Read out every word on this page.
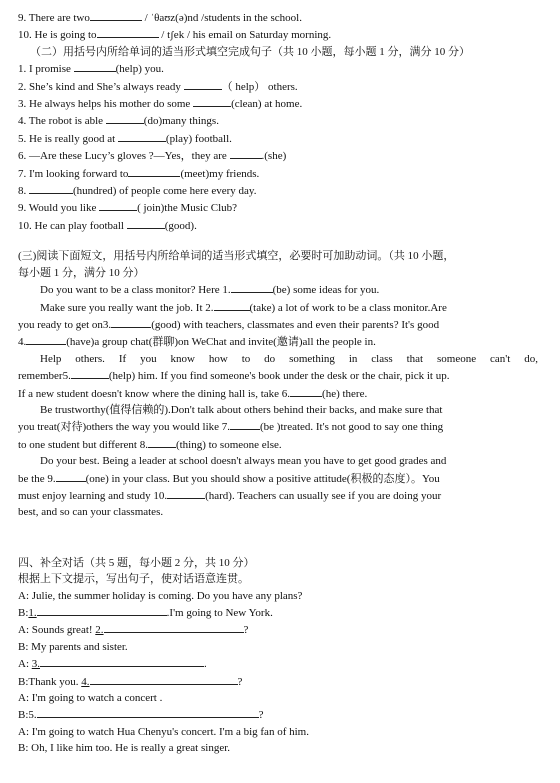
9. There are two	/ ˈθaʊz(ə)nd /students in the school.
10. He is going to	/ tʃek / his email on Saturday morning.
（二）用括号内所给单词的适当形式填空完成句子（共 10 小题，每小题 1 分，满分 10 分）
1. I promise	(help) you.
2. She’s kind and She’s always ready	（ help） others.
3. He always helps his mother do some	(clean) at home.
4. The robot is able	(do)many things.
5. He is really good at	(play) football.
6. —Are these Lucy’s gloves ?—Yes，they are	.(she)
7. I'm looking forward to	(meet)my friends.
8.	(hundred) of people come here every day.
9. Would you like	( join)the Music Club?
10. He can play football	(good).
(三)阅读下面短文，用括号内所给单词的适当形式填空，必要时可加助动词。（共 10 小题，
每小题 1 分，满分 10 分）
Do you want to be a class monitor? Here 1.	(be) some ideas for you.
Make sure you really want the job. It 2.	(take) a lot of work to be a class monitor.Are
you ready to get on3.	(good) with teachers, classmates and even their parents? It's good
4.	(have)a group chat(群聊)on WeChat and invite(邀请)all the people in.
Help others. If you know how to do something in class that someone can't do,
remember5.	(help) him. If you find someone's book under the desk or the chair, pick it up.
If a new student doesn't know where the dining hall is, take 6.	(he) there.
Be trustworthy(值得信赖的).Don't talk about others behind their backs, and make sure that
you treat(对待)others the way you would like 7.	(be )treated. It's not good to say one thing
to one student but different 8.	(thing) to someone else.
Do your best. Being a leader at school doesn't always mean you have to get good grades and
be the 9.	(one) in your class. But you should show a positive attitude(积极的态度）。You
must enjoy learning and study 10.	(hard). Teachers can usually see if you are doing your
best, and so can your classmates.
四、补全对话（共 5 题，每小题 2 分，共 10 分）
根据上下文提示，写出句子，使对话语意连贯。
A: Julie, the summer holiday is coming. Do you have any plans?
B:1.	.I'm going to New York.
A: Sounds great! 2.	?
B: My parents and sister.
A: 3.	.
B:Thank you. 4.	?
A: I'm going to watch a concert .
B:5.	?
A: I'm going to watch Hua Chenyu's concert. I'm a big fan of him.
B: Oh, I like him too. He is really a great singer.
